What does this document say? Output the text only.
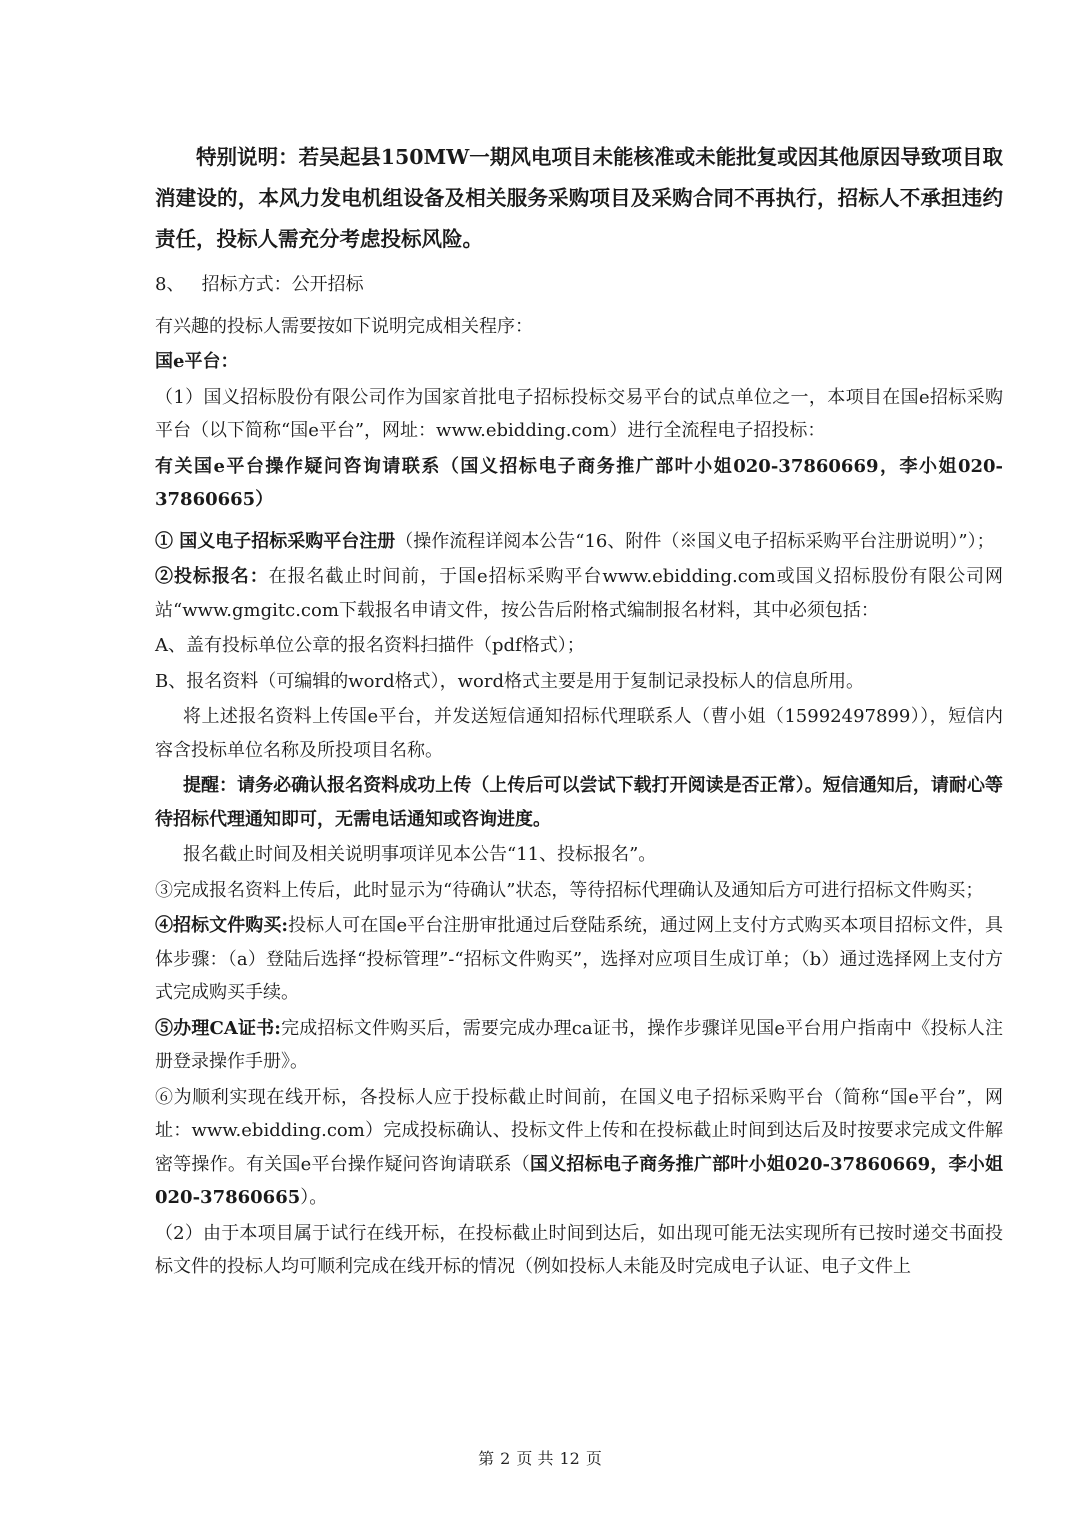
特别说明：若吴起县150MW一期风电项目未能核准或未能批复或因其他原因导致项目取消建设的，本风力发电机组设备及相关服务采购项目及采购合同不再执行，招标人不承担违约责任，投标人需充分考虑投标风险。

8、 招标方式：公开招标

有兴趣的投标人需要按如下说明完成相关程序：

国e平台：

（1）国义招标股份有限公司作为国家首批电子招标投标交易平台的试点单位之一，本项目在国e招标采购平台（以下简称“国e平台”，网址：www.ebidding.com）进行全流程电子招投标：

有关国e平台操作疑问咨询请联系（国义招标电子商务推广部叶小姐020-37860669，李小姐020-37860665）

① 国义电子招标采购平台注册（操作流程详阅本公告“16、附件（※国义电子招标采购平台注册说明）”）；

②投标报名：在报名截止时间前，于国e招标采购平台www.ebidding.com或国义招标股份有限公司网站“www.gmgitc.com下载报名申请文件，按公告后附格式编制报名材料，其中必须包括：

A、盖有投标单位公章的报名资料扫描件（pdf格式）；

B、报名资料（可编辑的word格式），word格式主要是用于复制记录投标人的信息所用。

将上述报名资料上传国e平台，并发送短信通知招标代理联系人（曹小姐（15992497899）），短信内容含投标单位名称及所投项目名称。

提醒：请务必确认报名资料成功上传（上传后可以尝试下载打开阅读是否正常）。短信通知后，请耐心等待招标代理通知即可，无需电话通知或咨询进度。

报名截止时间及相关说明事项详见本公告“11、投标报名”。

③完成报名资料上传后，此时显示为“待确认”状态，等待招标代理确认及通知后方可进行招标文件购买；

④招标文件购买:投标人可在国e平台注册审批通过后登陆系统，通过网上支付方式购买本项目招标文件，具体步骤：（a）登陆后选择“投标管理”-“招标文件购买”，选择对应项目生成订单；（b）通过选择网上支付方式完成购买手续。

⑤办理CA证书:完成招标文件购买后，需要完成办理ca证书，操作步骤详见国e平台用户指南中《投标人注册登录操作手册》。

⑥为顺利实现在线开标，各投标人应于投标截止时间前，在国义电子招标采购平台（简称“国e平台”，网址：www.ebidding.com）完成投标确认、投标文件上传和在投标截止时间到达后及时按要求完成文件解密等操作。有关国e平台操作疑问咨询请联系（国义招标电子商务推广部叶小姐020-37860669，李小姐020-37860665）。

（2）由于本项目属于试行在线开标，在投标截止时间到达后，如出现可能无法实现所有已按时递交书面投标文件的投标人均可顺利完成在线开标的情况（例如投标人未能及时完成电子认证、电子文件上

第 2 页 共 12 页
